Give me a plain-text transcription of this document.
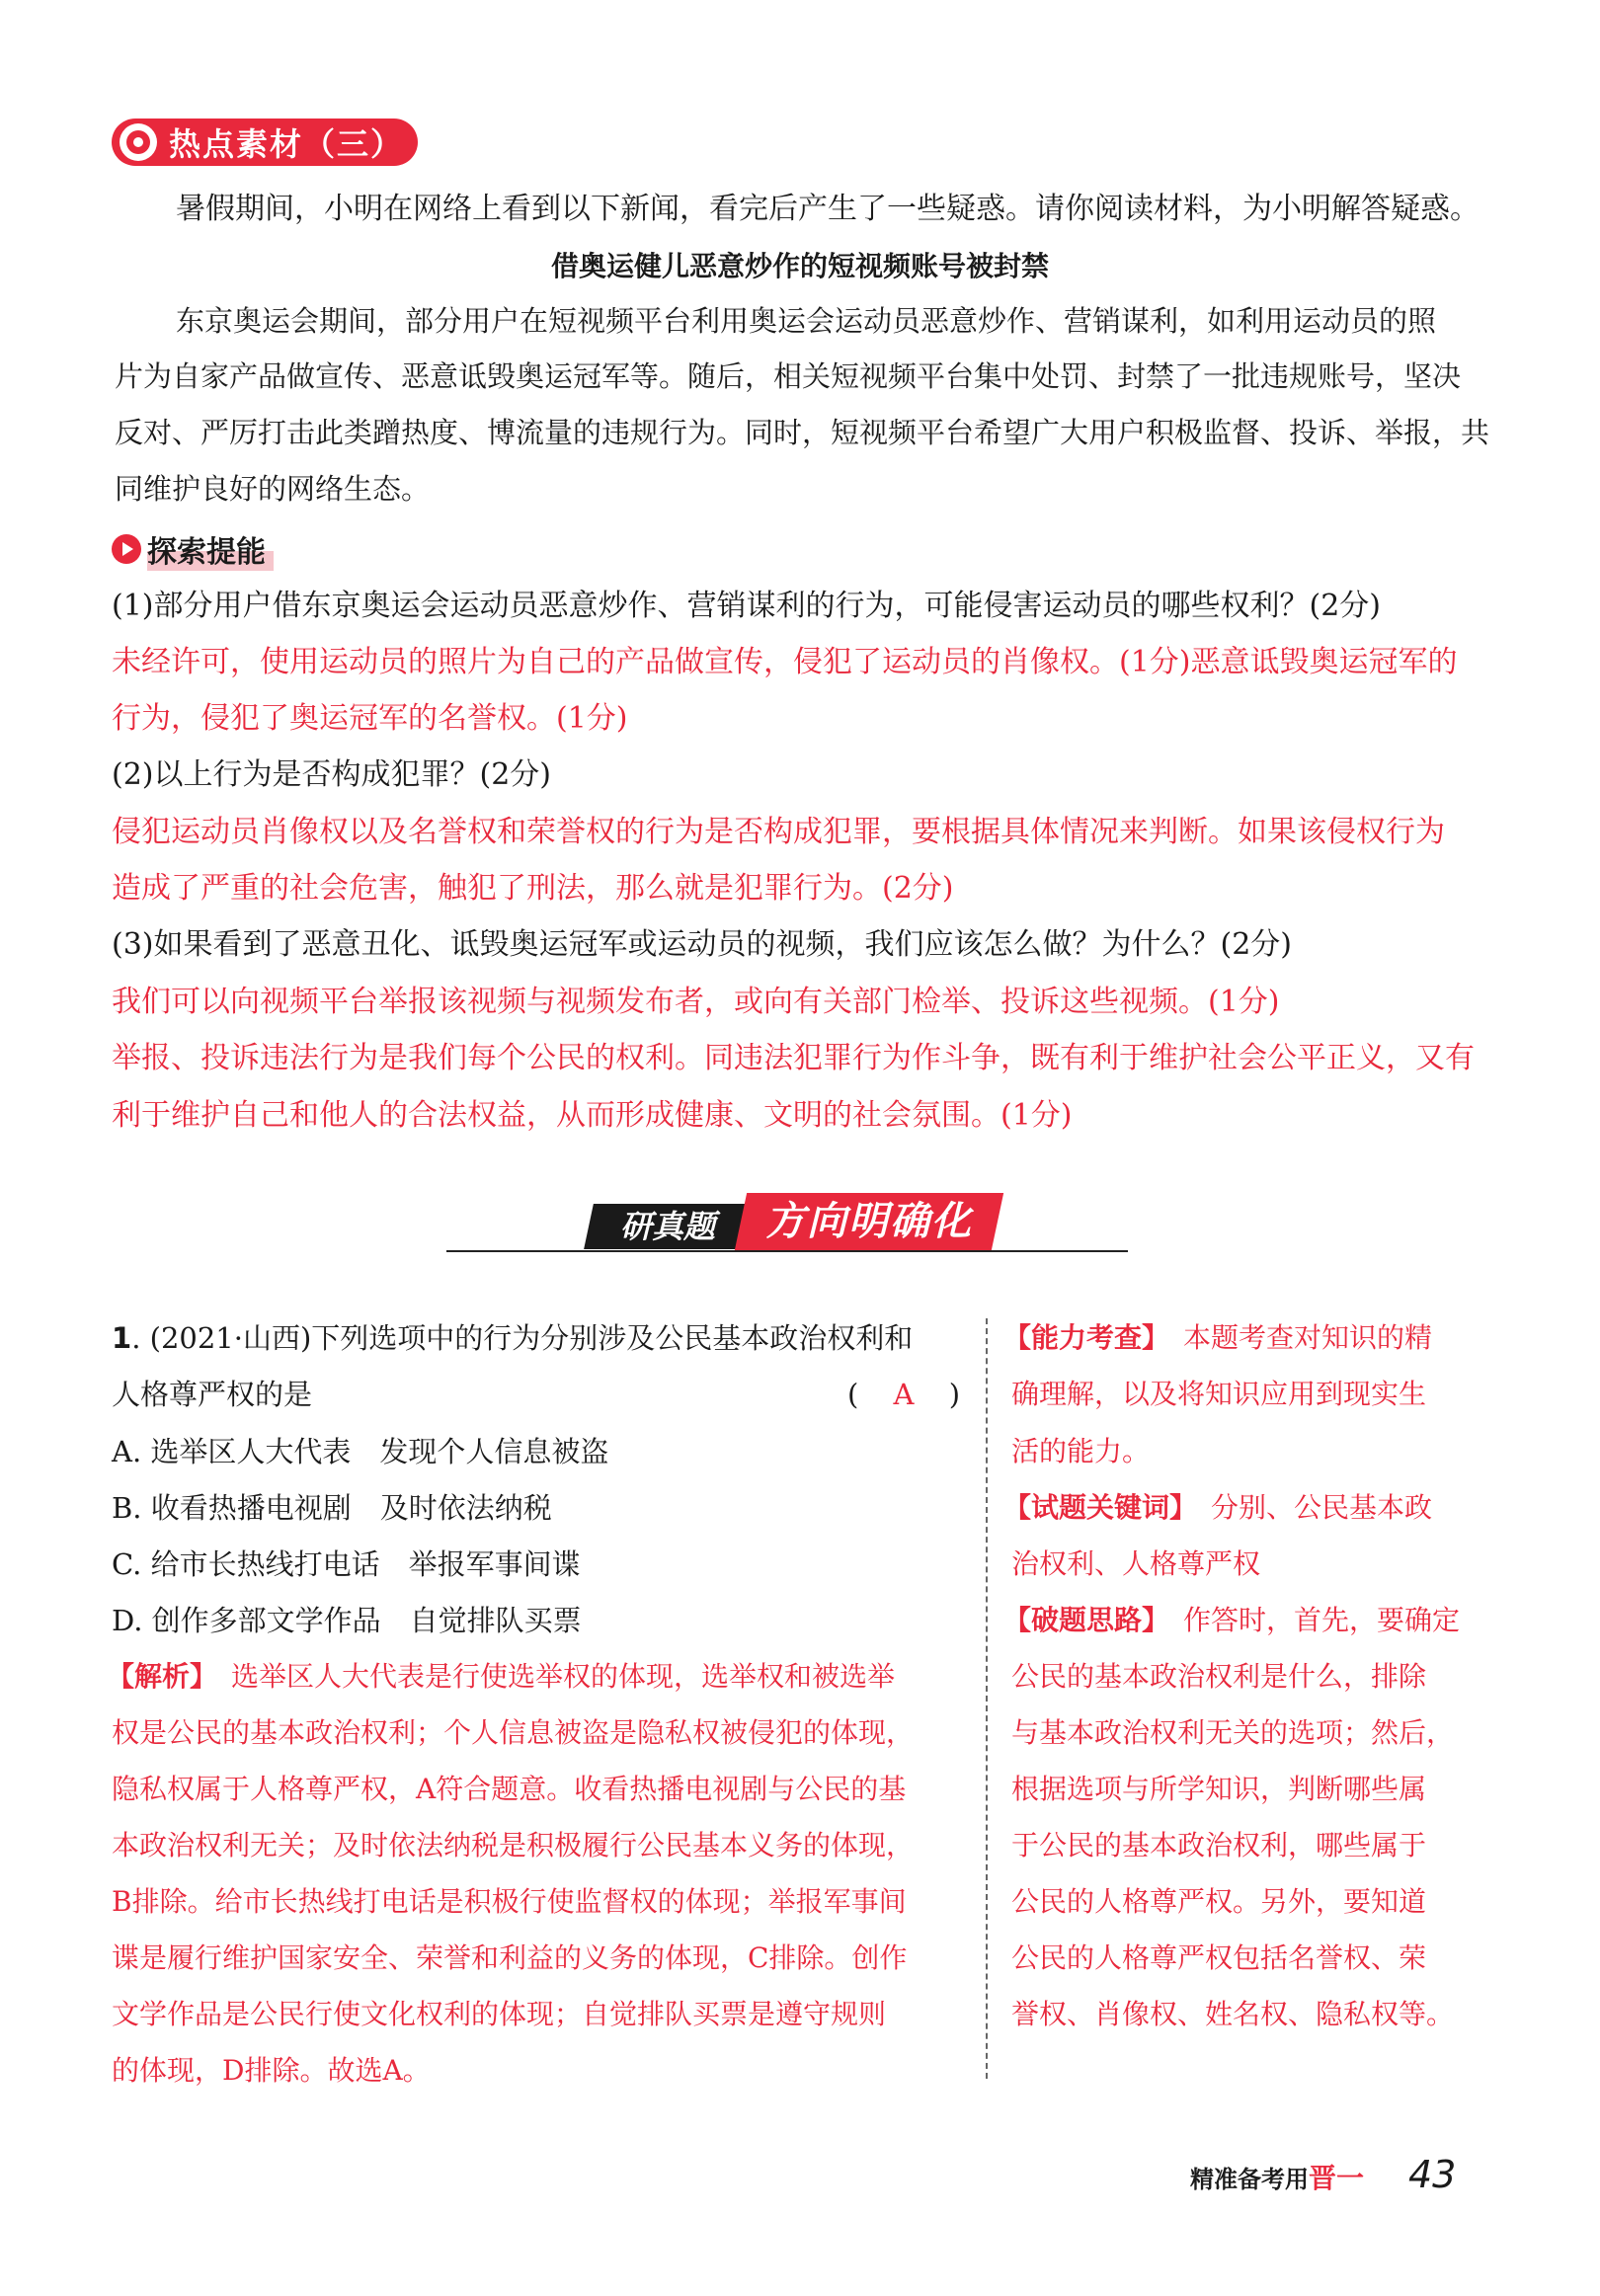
热点素材（三）
暑假期间，小明在网络上看到以下新闻，看完后产生了一些疑惑。请你阅读材料，为小明解答疑惑。
借奥运健儿恶意炒作的短视频账号被封禁
东京奥运会期间，部分用户在短视频平台利用奥运会运动员恶意炒作、营销谋利，如利用运动员的照
片为自家产品做宣传、恶意诋毁奥运冠军等。随后，相关短视频平台集中处罚、封禁了一批违规账号，坚决
反对、严厉打击此类蹭热度、博流量的违规行为。同时，短视频平台希望广大用户积极监督、投诉、举报，共
同维护良好的网络生态。
探索提能
(1)部分用户借东京奥运会运动员恶意炒作、营销谋利的行为，可能侵害运动员的哪些权利？(2分)
未经许可，使用运动员的照片为自己的产品做宣传，侵犯了运动员的肖像权。(1分)恶意诋毁奥运冠军的
行为，侵犯了奥运冠军的名誉权。(1分)
(2)以上行为是否构成犯罪？(2分)
侵犯运动员肖像权以及名誉权和荣誉权的行为是否构成犯罪，要根据具体情况来判断。如果该侵权行为
造成了严重的社会危害，触犯了刑法，那么就是犯罪行为。(2分)
(3)如果看到了恶意丑化、诋毁奥运冠军或运动员的视频，我们应该怎么做？为什么？(2分)
我们可以向视频平台举报该视频与视频发布者，或向有关部门检举、投诉这些视频。(1分)
举报、投诉违法行为是我们每个公民的权利。同违法犯罪行为作斗争，既有利于维护社会公平正义，又有
利于维护自己和他人的合法权益，从而形成健康、文明的社会氛围。(1分)
研真题	方向明确化
1. (2021·山西)下列选项中的行为分别涉及公民基本政治权利和
人格尊严权的是	( A )
A. 选举区人大代表　发现个人信息被盗
B. 收看热播电视剧　及时依法纳税
C. 给市长热线打电话　举报军事间谍
D. 创作多部文学作品　自觉排队买票
【解析】 选举区人大代表是行使选举权的体现，选举权和被选举
权是公民的基本政治权利；个人信息被盗是隐私权被侵犯的体现，
隐私权属于人格尊严权，A符合题意。收看热播电视剧与公民的基
本政治权利无关；及时依法纳税是积极履行公民基本义务的体现，
B排除。给市长热线打电话是积极行使监督权的体现；举报军事间
谍是履行维护国家安全、荣誉和利益的义务的体现，C排除。创作
文学作品是公民行使文化权利的体现；自觉排队买票是遵守规则
的体现，D排除。故选A。
【能力考查】 本题考查对知识的精
确理解，以及将知识应用到现实生
活的能力。
【试题关键词】 分别、公民基本政
治权利、人格尊严权
【破题思路】 作答时，首先，要确定
公民的基本政治权利是什么，排除
与基本政治权利无关的选项；然后，
根据选项与所学知识，判断哪些属
于公民的基本政治权利，哪些属于
公民的人格尊严权。另外，要知道
公民的人格尊严权包括名誉权、荣
誉权、肖像权、姓名权、隐私权等。
精准备考用晋一 43
